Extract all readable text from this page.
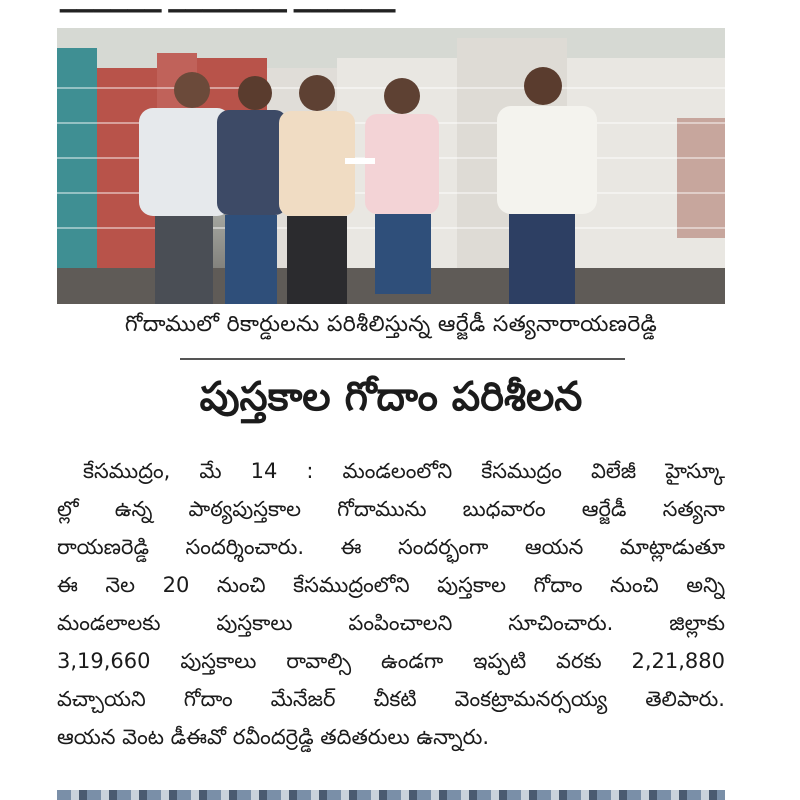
▁▁▁▁▁▁ ▁▁▁▁▁▁▁ ▁▁▁▁▁▁
గోదాములో రికార్డులను పరిశీలిస్తున్న ఆర్జేడీ సత్యనారాయణరెడ్డి
పుస్తకాల గోదాం పరిశీలన
కేసముద్రం, మే 14 : మండలంలోని కేసముద్రం విలేజీ హైస్కూ
ల్లో ఉన్న పాఠ్యపుస్తకాల గోదామును బుధవారం ఆర్జేడీ సత్యనా
రాయణరెడ్డి సందర్శించారు. ఈ సందర్భంగా ఆయన మాట్లాడుతూ
ఈ నెల 20 నుంచి కేసముద్రంలోని పుస్తకాల గోదాం నుంచి అన్ని
మండలాలకు పుస్తకాలు పంపించాలని సూచించారు. జిల్లాకు
3,19,660 పుస్తకాలు రావాల్సి ఉండగా ఇప్పటి వరకు 2,21,880
వచ్చాయని గోదాం మేనేజర్ చీకటి వెంకట్రామనర్సయ్య తెలిపారు.
ఆయన వెంట డీఈవో రవీందర్రెడ్డి తదితరులు ఉన్నారు.
